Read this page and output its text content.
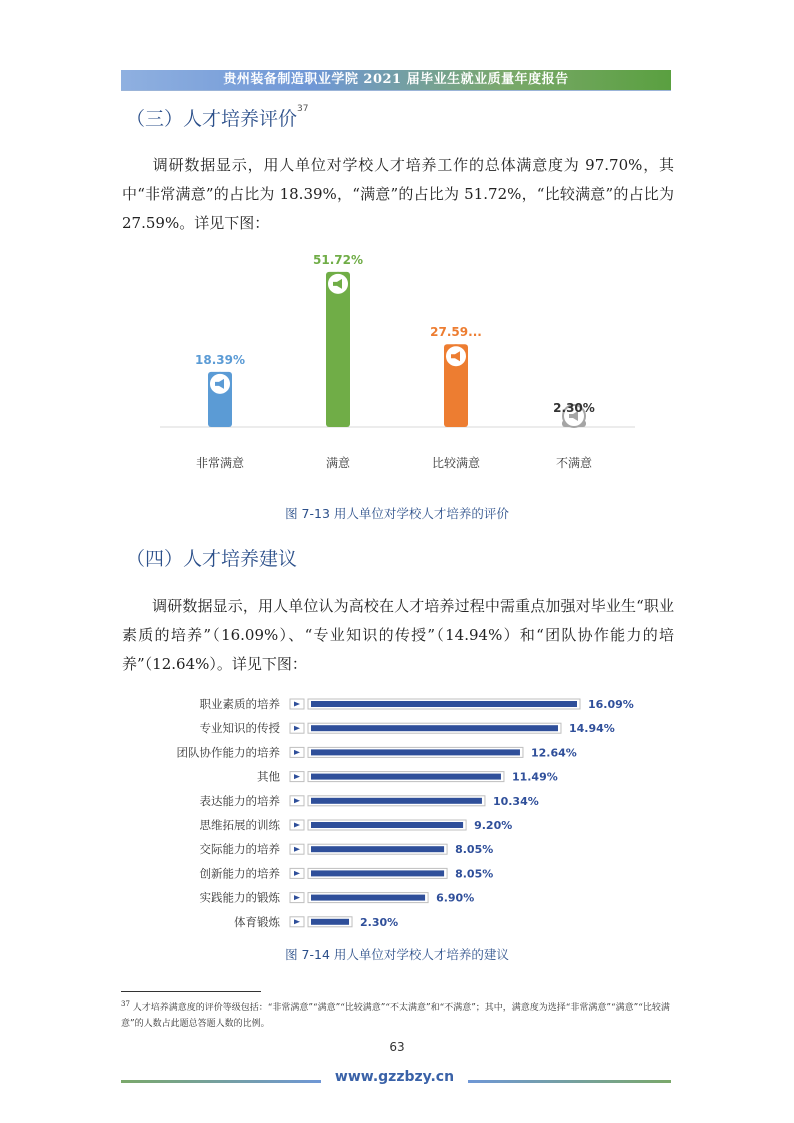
贵州装备制造职业学院 2021 届毕业生就业质量年度报告
（三）人才培养评价$^{37}$
调研数据显示，用人单位对学校人才培养工作的总体满意度为 97.70%，其中“非常满意”的占比为 18.39%，“满意”的占比为 51.72%，“比较满意”的占比为 27.59%。详见下图：
18.39%
非常满意
51.72%
满意
27.59...
比较满意
2.30%
不满意
图 7-13 用人单位对学校人才培养的评价
（四）人才培养建议
调研数据显示，用人单位认为高校在人才培养过程中需重点加强对毕业生“职业素质的培养”（16.09%）、“专业知识的传授”（14.94%）和“团队协作能力的培养”（12.64%）。详见下图：
职业素质的培养	16.09%
专业知识的传授	14.94%
团队协作能力的培养	12.64%
其他	11.49%
表达能力的培养	10.34%
思维拓展的训练	9.20%
交际能力的培养	8.05%
创新能力的培养	8.05%
实践能力的锻炼	6.90%
体育锻炼	2.30%
图 7-14 用人单位对学校人才培养的建议
$^{37}$ 人才培养满意度的评价等级包括：“非常满意”“满意”“比较满意”“不太满意”和“不满意”；其中，满意度为选择“非常满意”“满意”“比较满意”的人数占此题总答题人数的比例。
63
www.gzzbzy.cn
